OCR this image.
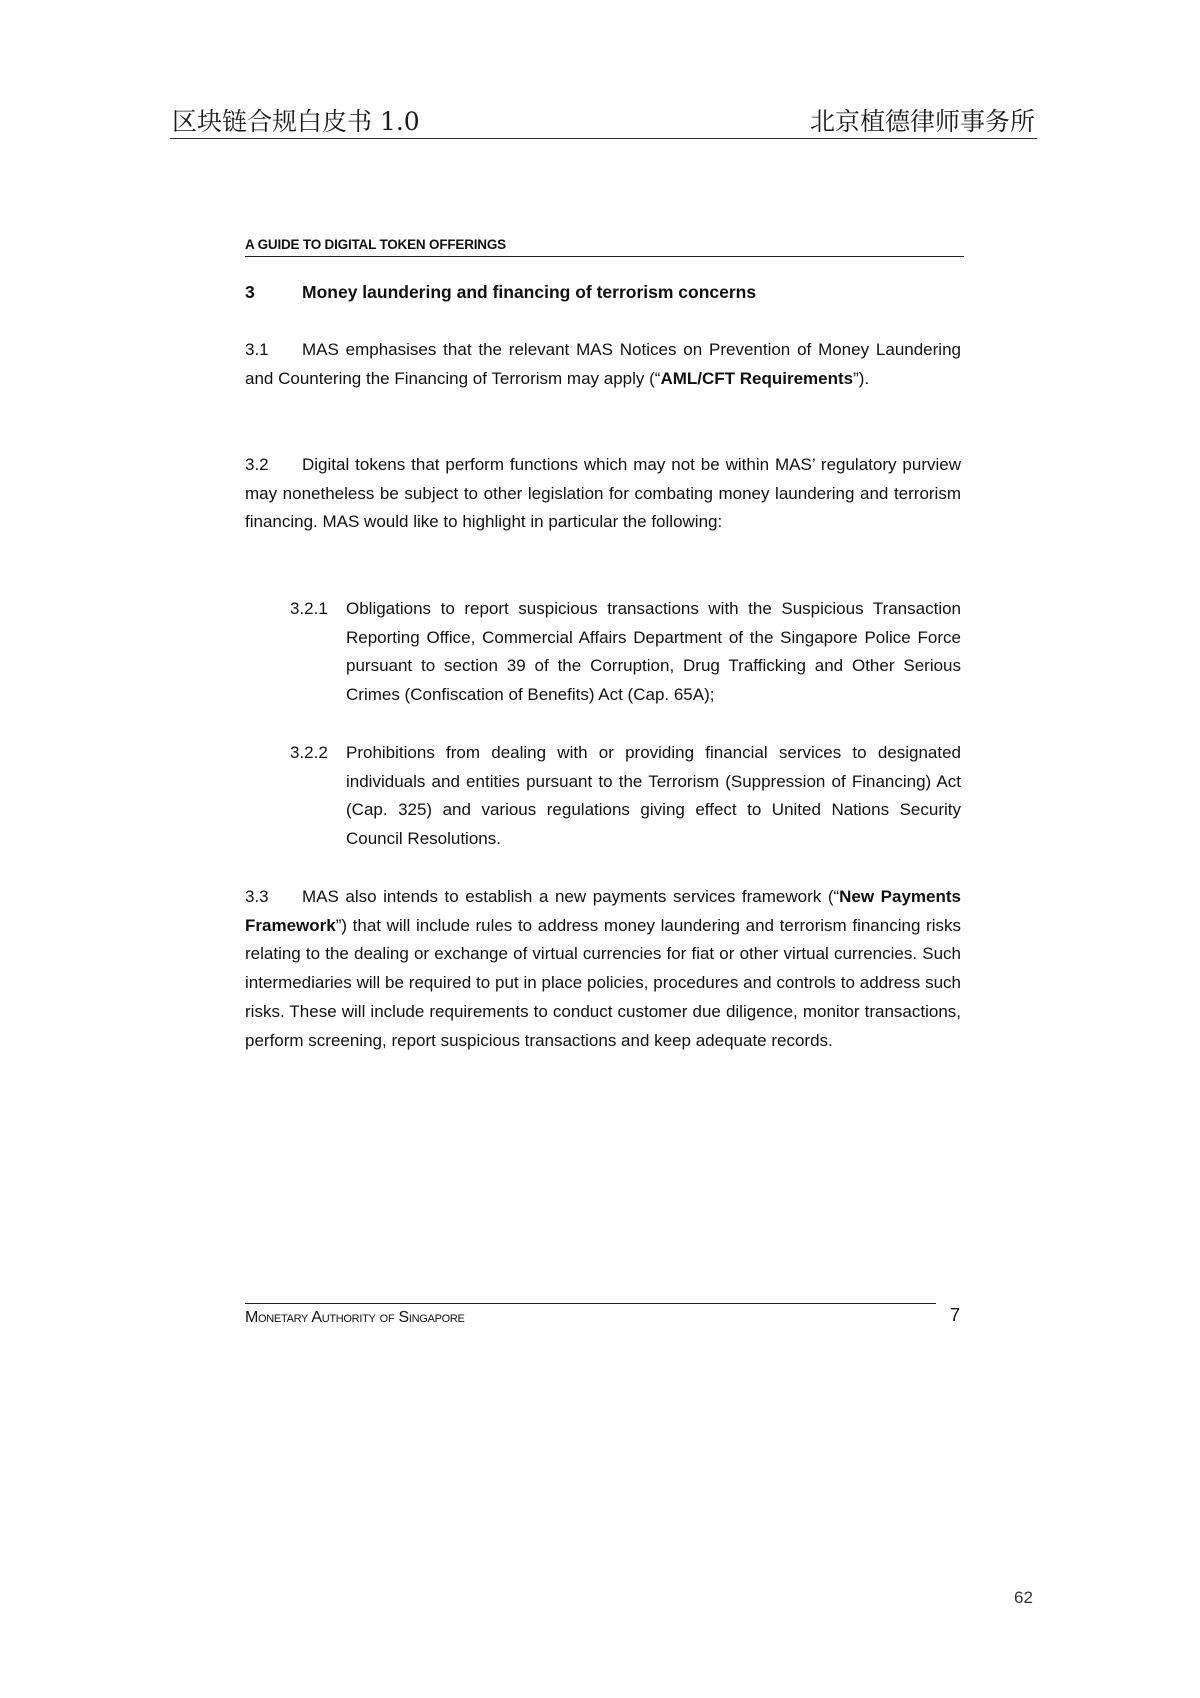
区块链合规白皮书 1.0	北京植德律师事务所
A GUIDE TO DIGITAL TOKEN OFFERINGS
3	Money laundering and financing of terrorism concerns
3.1 MAS emphasises that the relevant MAS Notices on Prevention of Money Laundering and Countering the Financing of Terrorism may apply (“AML/CFT Requirements”).
3.2 Digital tokens that perform functions which may not be within MAS’ regulatory purview may nonetheless be subject to other legislation for combating money laundering and terrorism financing. MAS would like to highlight in particular the following:
3.2.1	Obligations to report suspicious transactions with the Suspicious Transaction Reporting Office, Commercial Affairs Department of the Singapore Police Force pursuant to section 39 of the Corruption, Drug Trafficking and Other Serious Crimes (Confiscation of Benefits) Act (Cap. 65A);
3.2.2	Prohibitions from dealing with or providing financial services to designated individuals and entities pursuant to the Terrorism (Suppression of Financing) Act (Cap. 325) and various regulations giving effect to United Nations Security Council Resolutions.
3.3 MAS also intends to establish a new payments services framework (“New Payments Framework”) that will include rules to address money laundering and terrorism financing risks relating to the dealing or exchange of virtual currencies for fiat or other virtual currencies. Such intermediaries will be required to put in place policies, procedures and controls to address such risks. These will include requirements to conduct customer due diligence, monitor transactions, perform screening, report suspicious transactions and keep adequate records.
Monetary Authority of Singapore	7
62
